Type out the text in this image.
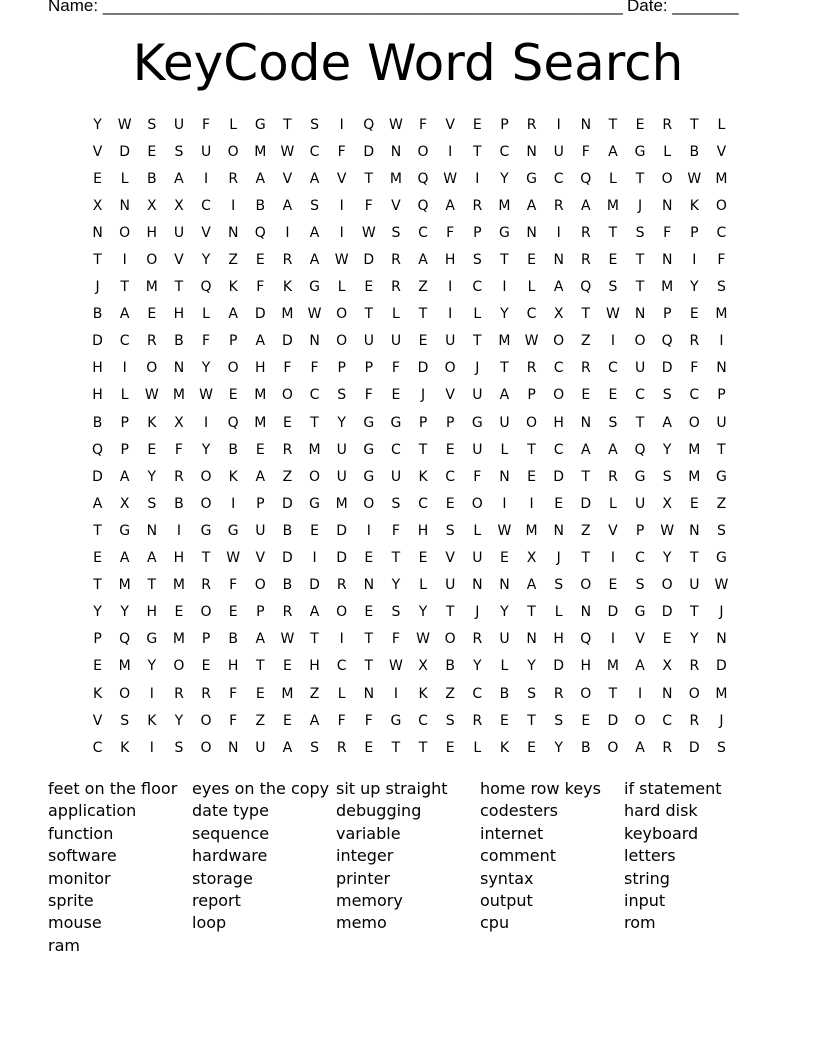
Name: _______________________________________________________ Date: _______
KeyCode Word Search
Y	W	S	U	F	L	G	T	S	I	Q	W	F	V	E	P	R	I	N	T	E	R	T	L
V	D	E	S	U	O	M	W	C	F	D	N	O	I	T	C	N	U	F	A	G	L	B	V
E	L	B	A	I	R	A	V	A	V	T	M	Q	W	I	Y	G	C	Q	L	T	O	W	M
X	N	X	X	C	I	B	A	S	I	F	V	Q	A	R	M	A	R	A	M	J	N	K	O
N	O	H	U	V	N	Q	I	A	I	W	S	C	F	P	G	N	I	R	T	S	F	P	C
T	I	O	V	Y	Z	E	R	A	W	D	R	A	H	S	T	E	N	R	E	T	N	I	F
J	T	M	T	Q	K	F	K	G	L	E	R	Z	I	C	I	L	A	Q	S	T	M	Y	S
B	A	E	H	L	A	D	M	W	O	T	L	T	I	L	Y	C	X	T	W	N	P	E	M
D	C	R	B	F	P	A	D	N	O	U	U	E	U	T	M	W	O	Z	I	O	Q	R	I
H	I	O	N	Y	O	H	F	F	P	P	F	D	O	J	T	R	C	R	C	U	D	F	N
H	L	W	M	W	E	M	O	C	S	F	E	J	V	U	A	P	O	E	E	C	S	C	P
B	P	K	X	I	Q	M	E	T	Y	G	G	P	P	G	U	O	H	N	S	T	A	O	U
Q	P	E	F	Y	B	E	R	M	U	G	C	T	E	U	L	T	C	A	A	Q	Y	M	T
D	A	Y	R	O	K	A	Z	O	U	G	U	K	C	F	N	E	D	T	R	G	S	M	G
A	X	S	B	O	I	P	D	G	M	O	S	C	E	O	I	I	E	D	L	U	X	E	Z
T	G	N	I	G	G	U	B	E	D	I	F	H	S	L	W	M	N	Z	V	P	W	N	S
E	A	A	H	T	W	V	D	I	D	E	T	E	V	U	E	X	J	T	I	C	Y	T	G
T	M	T	M	R	F	O	B	D	R	N	Y	L	U	N	N	A	S	O	E	S	O	U	W
Y	Y	H	E	O	E	P	R	A	O	E	S	Y	T	J	Y	T	L	N	D	G	D	T	J
P	Q	G	M	P	B	A	W	T	I	T	F	W	O	R	U	N	H	Q	I	V	E	Y	N
E	M	Y	O	E	H	T	E	H	C	T	W	X	B	Y	L	Y	D	H	M	A	X	R	D
K	O	I	R	R	F	E	M	Z	L	N	I	K	Z	C	B	S	R	O	T	I	N	O	M
V	S	K	Y	O	F	Z	E	A	F	F	G	C	S	R	E	T	S	E	D	O	C	R	J
C	K	I	S	O	N	U	A	S	R	E	T	T	E	L	K	E	Y	B	O	A	R	D	S
feet on the floor
application
function
software
monitor
sprite
mouse
ram
eyes on the copy
date type
sequence
hardware
storage
report
loop
sit up straight
debugging
variable
integer
printer
memory
memo
home row keys
codesters
internet
comment
syntax
output
cpu
if statement
hard disk
keyboard
letters
string
input
rom
